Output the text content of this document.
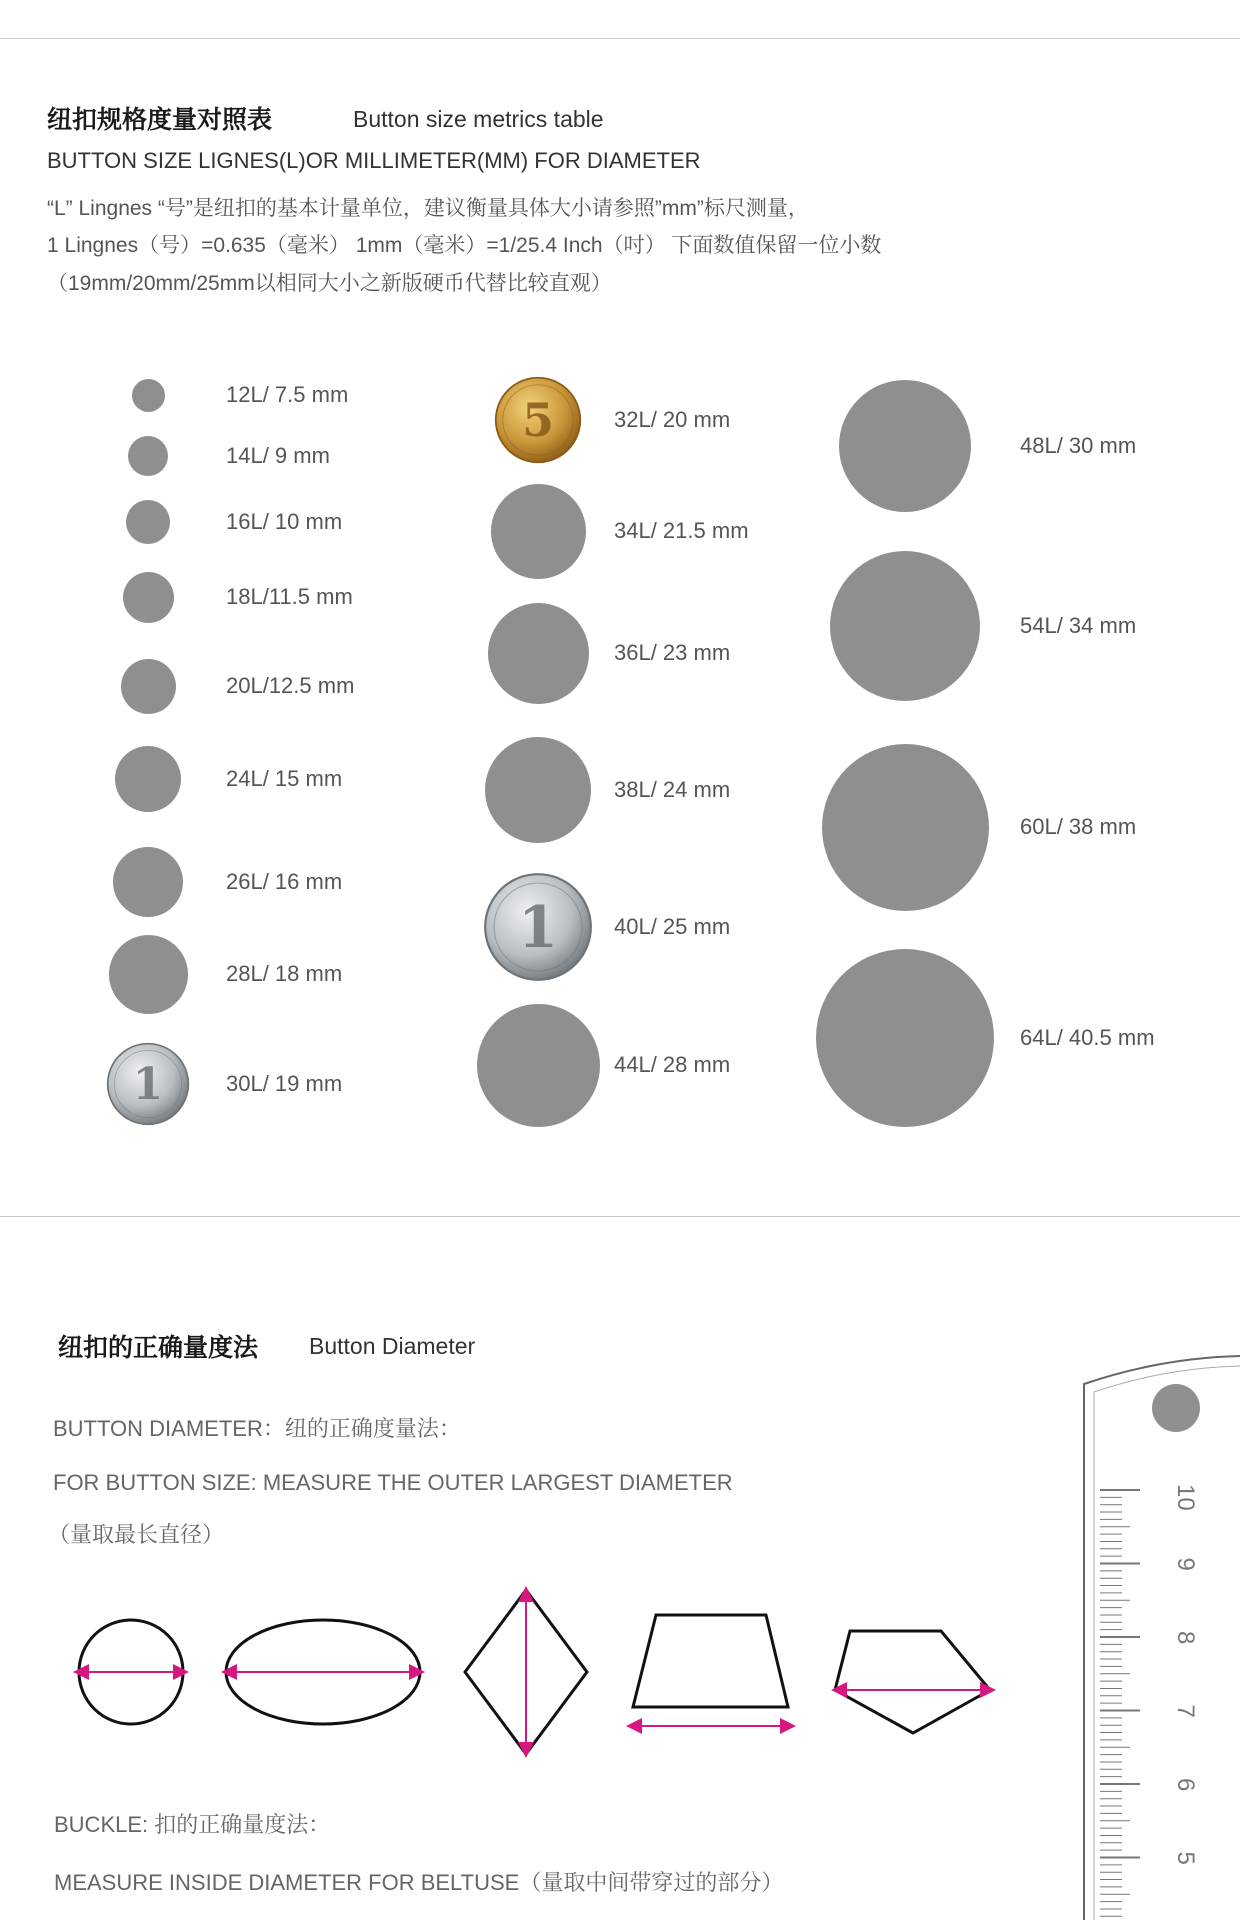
纽扣规格度量对照表	Button size metrics table
BUTTON SIZE LIGNES(L)OR MILLIMETER(MM) FOR DIAMETER
“L” Lingnes “号”是纽扣的基本计量单位，建议衡量具体大小请参照”mm”标尺测量，
1 Lingnes（号）=0.635（毫米） 1mm（毫米）=1/25.4 Inch（吋） 下面数值保留一位小数
（19mm/20mm/25mm以相同大小之新版硬币代替比较直观）
12L/ 7.5 mm
14L/ 9 mm
16L/ 10 mm
18L/11.5 mm
20L/12.5 mm
24L/ 15 mm
26L/ 16 mm
28L/ 18 mm
1	30L/ 19 mm
5	32L/ 20 mm
34L/ 21.5 mm
36L/ 23 mm
38L/ 24 mm
1	40L/ 25 mm
44L/ 28 mm
48L/ 30 mm
54L/ 34 mm
60L/ 38 mm
64L/ 40.5 mm
纽扣的正确量度法 Button Diameter
BUTTON DIAMETER：纽的正确度量法：
FOR BUTTON SIZE: MEASURE THE OUTER LARGEST DIAMETER
（量取最长直径）
BUCKLE: 扣的正确量度法：
MEASURE INSIDE DIAMETER FOR BELTUSE（量取中间带穿过的部分）
10
9
8
7
6
5
